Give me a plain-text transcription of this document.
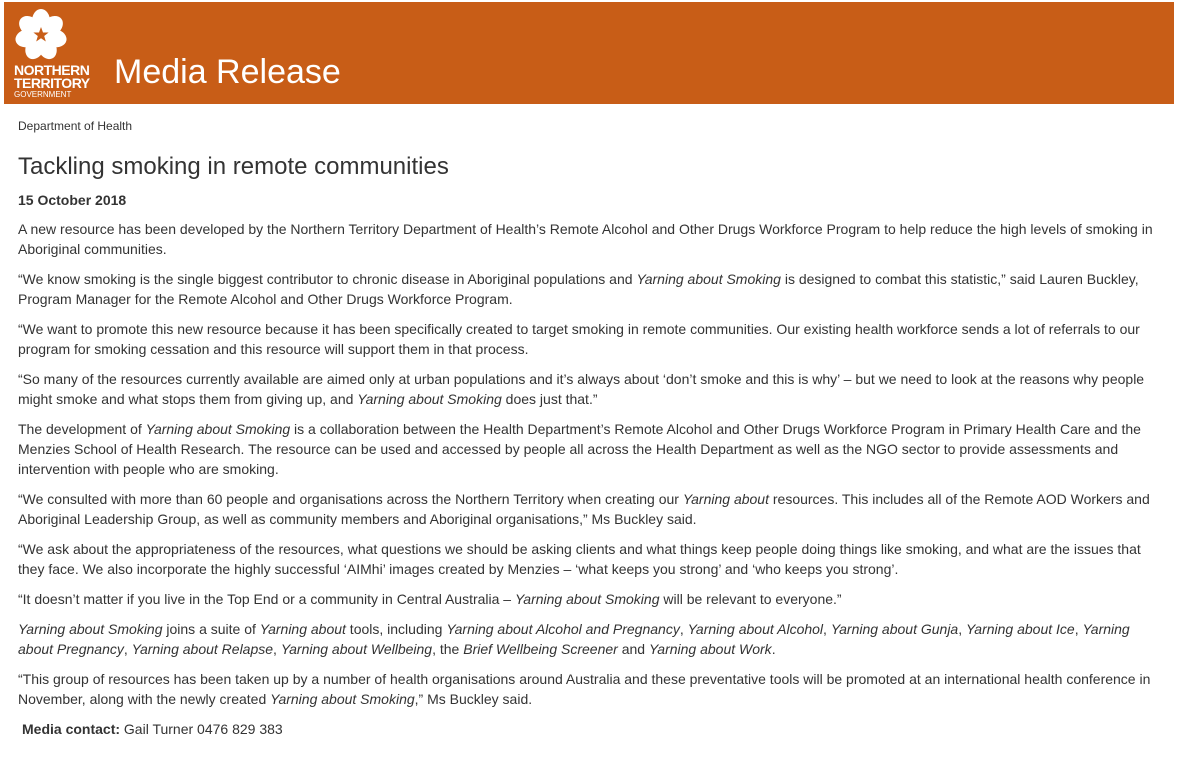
NORTHERN
TERRITORY
GOVERNMENT
Media Release

Department of Health

Tackling smoking in remote communities

15 October 2018

A new resource has been developed by the Northern Territory Department of Health’s Remote Alcohol and Other Drugs Workforce Program to help reduce the high levels of smoking in Aboriginal communities.

“We know smoking is the single biggest contributor to chronic disease in Aboriginal populations and Yarning about Smoking is designed to combat this statistic,” said Lauren Buckley, Program Manager for the Remote Alcohol and Other Drugs Workforce Program.

“We want to promote this new resource because it has been specifically created to target smoking in remote communities. Our existing health workforce sends a lot of referrals to our program for smoking cessation and this resource will support them in that process.

“So many of the resources currently available are aimed only at urban populations and it’s always about ‘don’t smoke and this is why’ – but we need to look at the reasons why people might smoke and what stops them from giving up, and Yarning about Smoking does just that.”

The development of Yarning about Smoking is a collaboration between the Health Department’s Remote Alcohol and Other Drugs Workforce Program in Primary Health Care and the Menzies School of Health Research. The resource can be used and accessed by people all across the Health Department as well as the NGO sector to provide assessments and intervention with people who are smoking.

“We consulted with more than 60 people and organisations across the Northern Territory when creating our Yarning about resources. This includes all of the Remote AOD Workers and Aboriginal Leadership Group, as well as community members and Aboriginal organisations,” Ms Buckley said.

“We ask about the appropriateness of the resources, what questions we should be asking clients and what things keep people doing things like smoking, and what are the issues that they face. We also incorporate the highly successful ‘AIMhi’ images created by Menzies – ‘what keeps you strong’ and ‘who keeps you strong’.

“It doesn’t matter if you live in the Top End or a community in Central Australia – Yarning about Smoking will be relevant to everyone.”

Yarning about Smoking joins a suite of Yarning about tools, including Yarning about Alcohol and Pregnancy, Yarning about Alcohol, Yarning about Gunja, Yarning about Ice, Yarning about Pregnancy, Yarning about Relapse, Yarning about Wellbeing, the Brief Wellbeing Screener and Yarning about Work.

“This group of resources has been taken up by a number of health organisations around Australia and these preventative tools will be promoted at an international health conference in November, along with the newly created Yarning about Smoking,” Ms Buckley said.

Media contact: Gail Turner 0476 829 383
